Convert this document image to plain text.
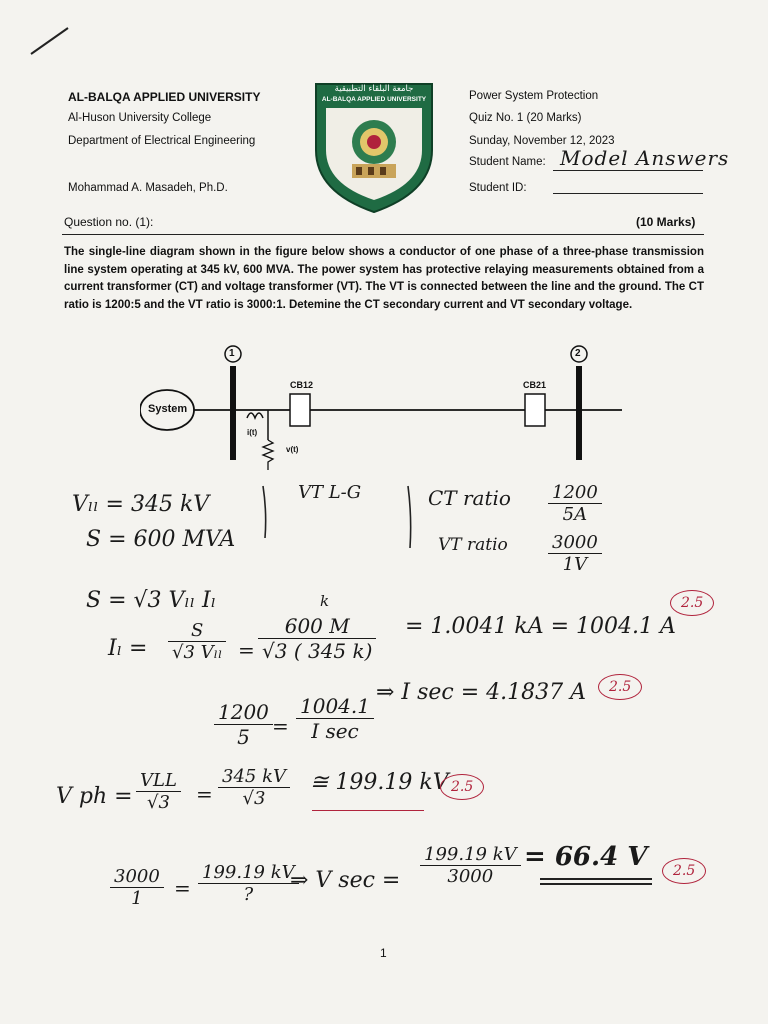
AL-BALQA APPLIED UNIVERSITY
Al-Huson University College
Department of Electrical Engineering
Mohammad A. Masadeh, Ph.D.
جامعة البلقاء التطبيقية
AL-BALQA APPLIED UNIVERSITY	Power System Protection
Quiz No. 1 (20 Marks)
Sunday, November 12, 2023
Student Name: Model Answers
Student ID:
Question no. (1):	(10 Marks)
The single-line diagram shown in the figure below shows a conductor of one phase of a three-phase transmission line system operating at 345 kV, 600 MVA. The power system has protective relaying measurements obtained from a current transformer (CT) and voltage transformer (VT). The VT is connected between the line and the ground. The CT ratio is 1200:5 and the VT ratio is 3000:1. Detemine the CT secondary current and VT secondary voltage.
1	2
System
CB12	CB21
i(t)
v(t)
Vₗₗ = 345 kV
S = 600 MVA
VT L-G	CT ratio $\frac{1200}{5A}$
VT ratio $\frac{3000}{1V}$
S = √3 Vₗₗ Iₗ
Iₗ =
S
√3 Vₗₗ =
k
$\frac{600 M}{√3 ( 345 k)} = 1.0041$ kA = 1004.1 A
2.5
$\frac{1200}{5}$ =
1004.1
I sec
⇒ I sec = 4.1837 A	2.5
V ph =
VLL
√3	= $\frac{345 kV}{√3}$ ≅ 199.19 kV 2.5
$\frac{3000}{1}$ =
199.19 kV
?
⇒ V $\sec = \frac{199.19 kV}{3000} = 66.4$ V	2.5
1
